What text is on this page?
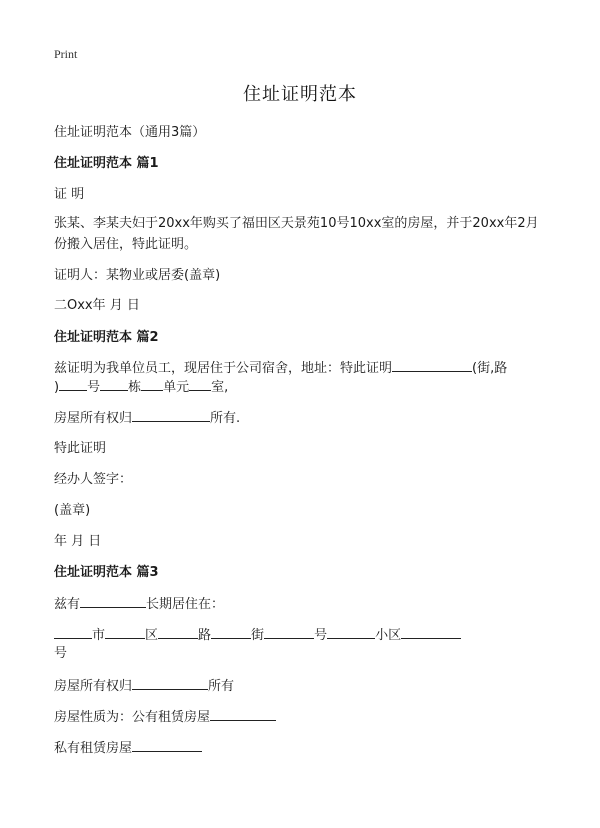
Print
住址证明范本
住址证明范本（通用3篇）
住址证明范本 篇1
证 明
张某、李某夫妇于20xx年购买了福田区天景苑10号10xx室的房屋，并于20xx年2月
份搬入居住，特此证明。
证明人：某物业或居委(盖章)
二Oxx年 月 日
住址证明范本 篇2
兹证明为我单位员工，现居住于公司宿舍，地址：特此证明	(街,路
) 号 栋 单元 室,
房屋所有权归	所有.
特此证明
经办人签字：
(盖章)
年 月 日
住址证明范本 篇3
兹有	长期居住在：
市	区	路	街	号	小区
号
房屋所有权归	所有
房屋性质为：公有租赁房屋
私有租赁房屋
